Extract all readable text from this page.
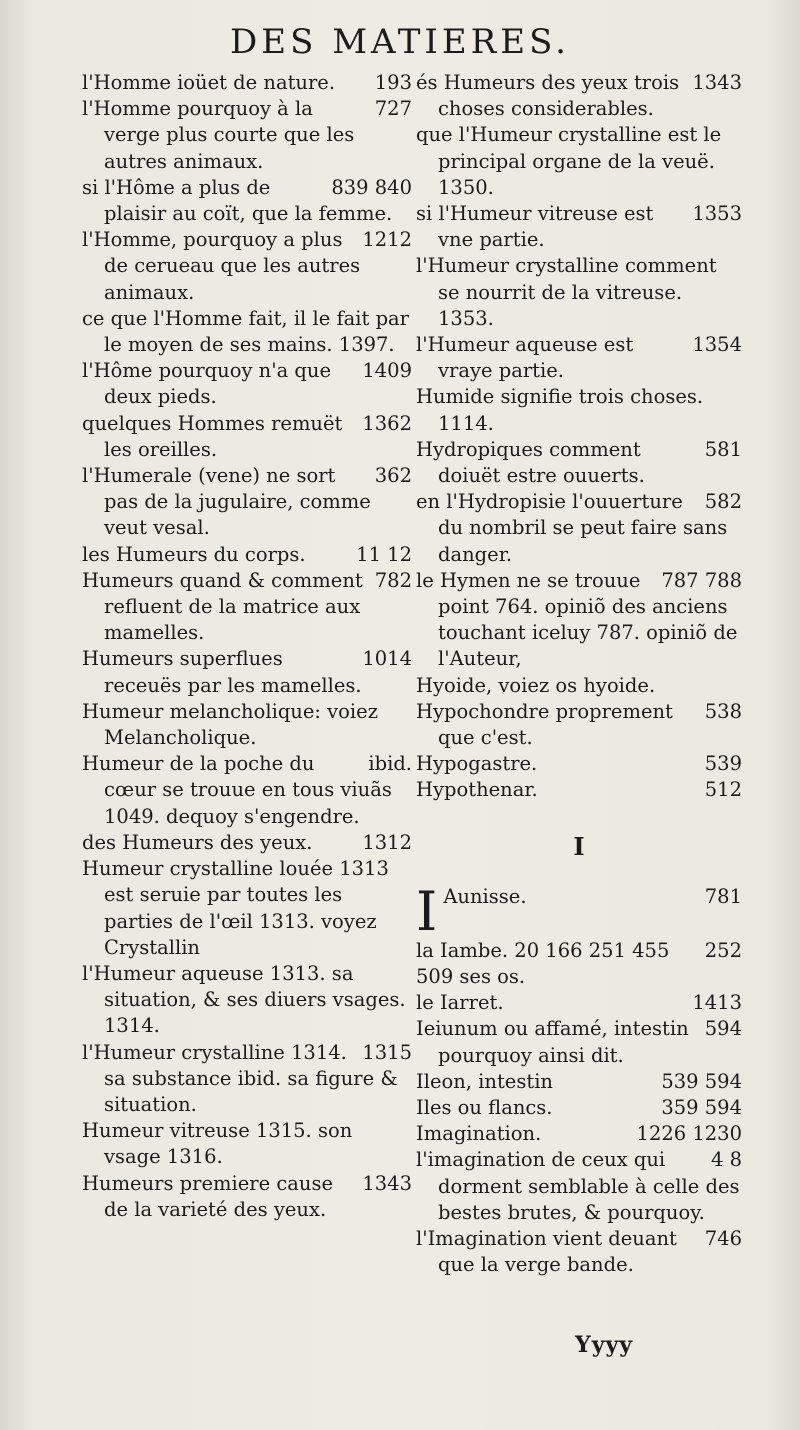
DES MATIERES.
193
l'Homme ioüet de nature.
727
l'Homme pourquoy à la verge plus courte que les autres animaux.
839 840
si l'Hôme a plus de plaisir au coït, que la femme.
1212
l'Homme, pourquoy a plus de cerueau que les autres animaux.
ce que l'Homme fait, il le fait par le moyen de ses mains. 1397.
1409
l'Hôme pourquoy n'a que deux pieds.
1362
quelques Hommes remuët les oreilles.
362
l'Humerale (vene) ne sort pas de la jugulaire, comme veut vesal.
11 12
les Humeurs du corps.
782
Humeurs quand & comment refluent de la matrice aux mamelles.
1014
Humeurs superflues receuës par les mamelles.
Humeur melancholique: voiez Melancholique.
ibid.
Humeur de la poche du cœur se trouue en tous viuãs 1049. dequoy s'engendre.
1312
des Humeurs des yeux.
Humeur crystalline louée 1313 est seruie par toutes les parties de l'œil 1313. voyez Crystallin
l'Humeur aqueuse 1313. sa situation, & ses diuers vsages. 1314.
1315
l'Humeur crystalline 1314. sa substance ibid. sa figure & situation.
Humeur vitreuse 1315. son vsage 1316.
1343
Humeurs premiere cause de la varieté des yeux.
1343
és Humeurs des yeux trois choses considerables.
que l'Humeur crystalline est le principal organe de la veuë. 1350.
1353
si l'Humeur vitreuse est vne partie.
l'Humeur crystalline comment se nourrit de la vitreuse. 1353.
1354
l'Humeur aqueuse est vraye partie.
Humide signifie trois choses. 1114.
581
Hydropiques comment doiuët estre ouuerts.
582
en l'Hydropisie l'ouuerture du nombril se peut faire sans danger.
787 788
le Hymen ne se trouue point 764. opiniõ des anciens touchant iceluy 787. opiniõ de l'Auteur,
Hyoide, voiez os hyoide.
538
Hypochondre proprement que c'est.
539
Hypogastre.
512
Hypothenar.
I
I	781
Aunisse.
252
la Iambe. 20 166 251 455 509 ses os.
1413
le Iarret.
594
Ieiunum ou affamé, intestin pourquoy ainsi dit.
539 594
Ileon, intestin
359 594
Iles ou flancs.
1226 1230
Imagination.
4 8
l'imagination de ceux qui dorment semblable à celle des bestes brutes, & pourquoy.
746
l'Imagination vient deuant que la verge bande.
Yyyy
